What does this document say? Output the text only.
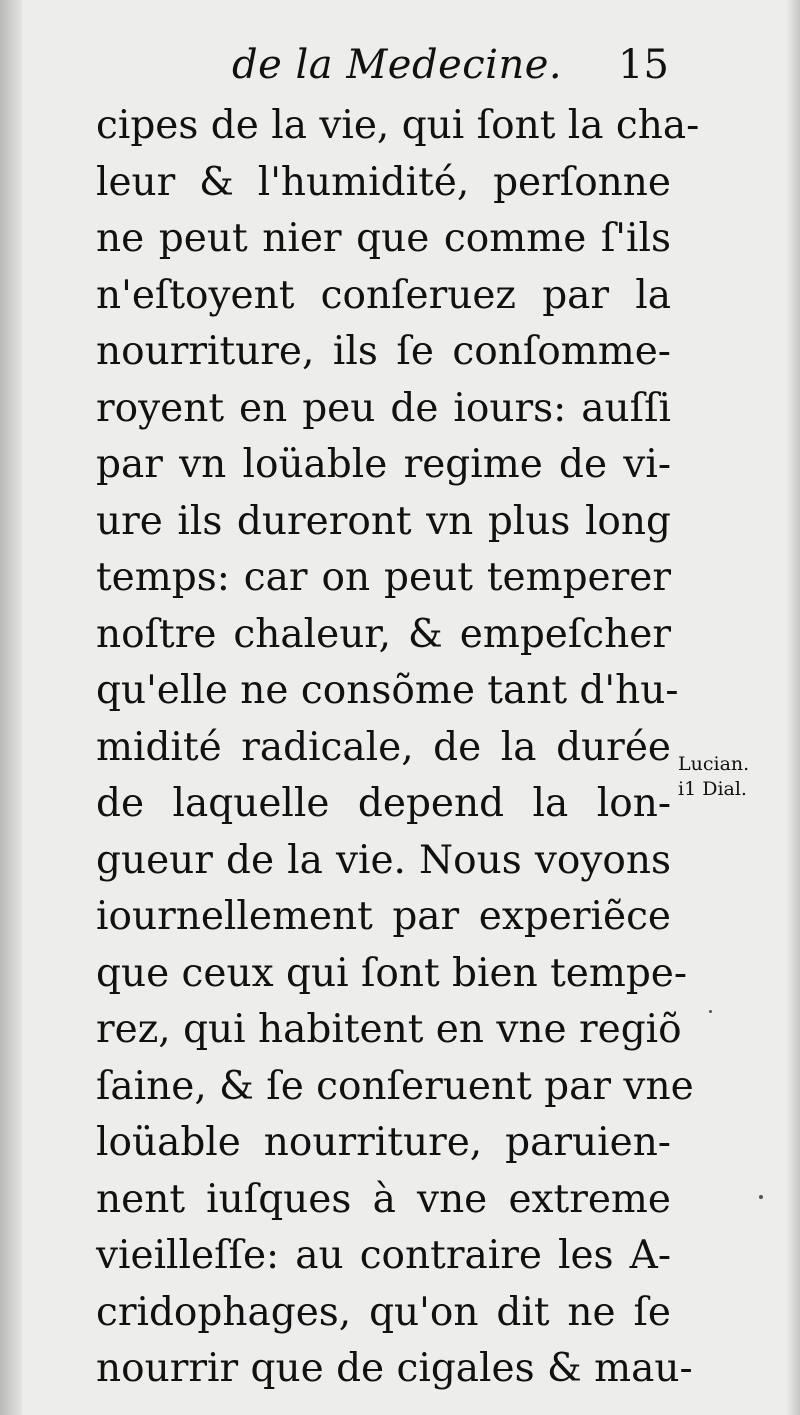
de la Medecine. 15
cipes de la vie, qui ſont la cha-
leur & l'humidité, perſonne
ne peut nier que comme ſ'ils
n'eſtoyent conſeruez par la
nourriture, ils ſe conſomme-
royent en peu de iours: auſſi
par vn loüable regime de vi-
ure ils dureront vn plus long
temps: car on peut temperer
noſtre chaleur, & empeſcher
qu'elle ne consõme tant d'hu-
midité radicale, de la durée
de laquelle depend la lon-
gueur de la vie. Nous voyons
iournellement par experiẽce
que ceux qui ſont bien tempe-
rez, qui habitent en vne regiõ
ſaine, & ſe conſeruent par vne
loüable nourriture, paruien-
nent iuſques à vne extreme
vieilleſſe: au contraire les A-
cridophages, qu'on dit ne ſe
nourrir que de cigales & mau-
Lucian.
i1 Dial.
